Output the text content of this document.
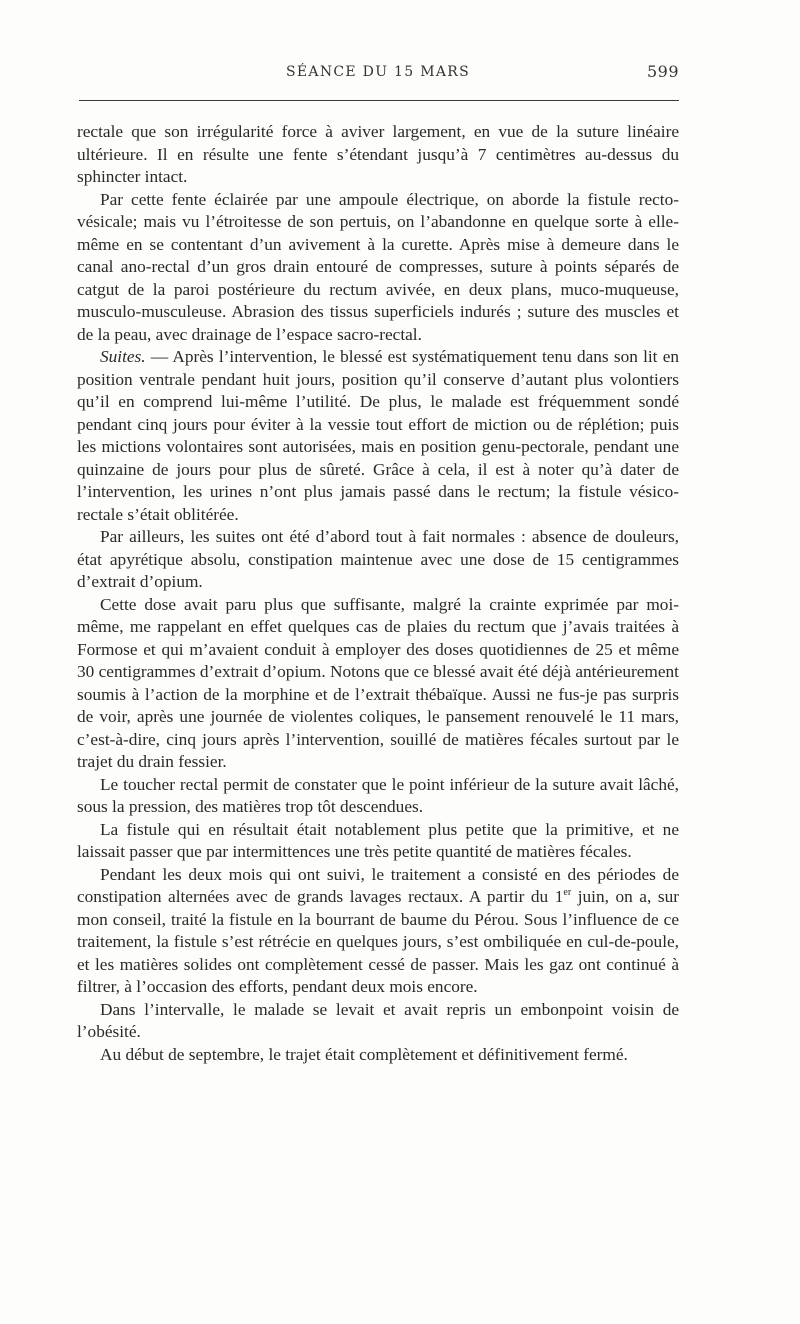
SÉANCE DU 15 MARS	599

rectale que son irrégularité force à aviver largement, en vue de la suture linéaire ultérieure. Il en résulte une fente s’étendant jusqu’à 7 centimètres au-dessus du sphincter intact.

Par cette fente éclairée par une ampoule électrique, on aborde la fistule recto-vésicale; mais vu l’étroitesse de son pertuis, on l’abandonne en quelque sorte à elle-même en se contentant d’un avivement à la curette. Après mise à demeure dans le canal ano-rectal d’un gros drain entouré de compresses, suture à points séparés de catgut de la paroi postérieure du rectum avivée, en deux plans, muco-muqueuse, musculo-musculeuse. Abrasion des tissus superficiels indurés ; suture des muscles et de la peau, avec drainage de l’espace sacro-rectal.

Suites. — Après l’intervention, le blessé est systématiquement tenu dans son lit en position ventrale pendant huit jours, position qu’il conserve d’autant plus volontiers qu’il en comprend lui-même l’utilité. De plus, le malade est fréquemment sondé pendant cinq jours pour éviter à la vessie tout effort de miction ou de réplétion; puis les mictions volontaires sont autorisées, mais en position genu-pectorale, pendant une quinzaine de jours pour plus de sûreté. Grâce à cela, il est à noter qu’à dater de l’intervention, les urines n’ont plus jamais passé dans le rectum; la fistule vésico-rectale s’était oblitérée.

Par ailleurs, les suites ont été d’abord tout à fait normales : absence de douleurs, état apyrétique absolu, constipation maintenue avec une dose de 15 centigrammes d’extrait d’opium.

Cette dose avait paru plus que suffisante, malgré la crainte exprimée par moi-même, me rappelant en effet quelques cas de plaies du rectum que j’avais traitées à Formose et qui m’avaient conduit à employer des doses quotidiennes de 25 et même 30 centigrammes d’extrait d’opium. Notons que ce blessé avait été déjà antérieurement soumis à l’action de la morphine et de l’extrait thébaïque. Aussi ne fus-je pas surpris de voir, après une journée de violentes coliques, le pansement renouvelé le 11 mars, c’est-à-dire, cinq jours après l’intervention, souillé de matières fécales surtout par le trajet du drain fessier.

Le toucher rectal permit de constater que le point inférieur de la suture avait lâché, sous la pression, des matières trop tôt descendues.

La fistule qui en résultait était notablement plus petite que la primitive, et ne laissait passer que par intermittences une très petite quantité de matières fécales.

Pendant les deux mois qui ont suivi, le traitement a consisté en des périodes de constipation alternées avec de grands lavages rectaux. A partir du 1er juin, on a, sur mon conseil, traité la fistule en la bourrant de baume du Pérou. Sous l’influence de ce traitement, la fistule s’est rétrécie en quelques jours, s’est ombiliquée en cul-de-poule, et les matières solides ont complètement cessé de passer. Mais les gaz ont continué à filtrer, à l’occasion des efforts, pendant deux mois encore.

Dans l’intervalle, le malade se levait et avait repris un embonpoint voisin de l’obésité.

Au début de septembre, le trajet était complètement et définitivement fermé.
